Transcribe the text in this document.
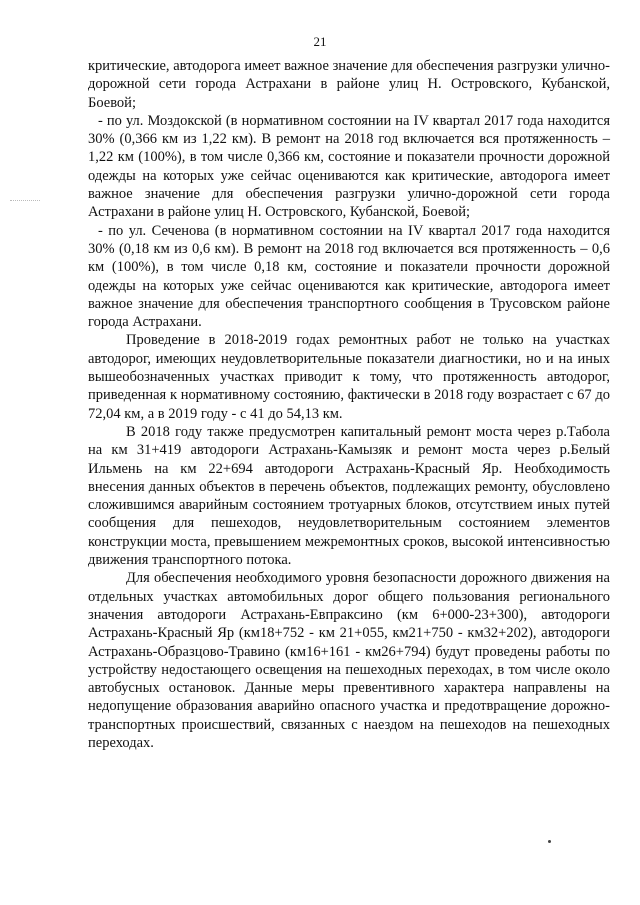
21

критические, автодорога имеет важное значение для обеспечения разгрузки улично-дорожной сети города Астрахани в районе улиц Н. Островского, Кубанской, Боевой;

- по ул. Моздокской (в нормативном состоянии на IV квартал 2017 года находится 30% (0,366 км из 1,22 км). В ремонт на 2018 год включается вся протяженность – 1,22 км (100%), в том числе 0,366 км, состояние и показатели прочности дорожной одежды на которых уже сейчас оцениваются как критические, автодорога имеет важное значение для обеспечения разгрузки улично-дорожной сети города Астрахани в районе улиц Н. Островского, Кубанской, Боевой;

- по ул. Сеченова (в нормативном состоянии на IV квартал 2017 года находится 30% (0,18 км из 0,6 км). В ремонт на 2018 год включается вся протяженность – 0,6 км (100%), в том числе 0,18 км, состояние и показатели прочности дорожной одежды на которых уже сейчас оцениваются как критические, автодорога имеет важное значение для обеспечения транспортного сообщения в Трусовском районе города Астрахани.

Проведение в 2018-2019 годах ремонтных работ не только на участках автодорог, имеющих неудовлетворительные показатели диагностики, но и на иных вышеобозначенных участках приводит к тому, что протяженность автодорог, приведенная к нормативному состоянию, фактически в 2018 году возрастает с 67 до 72,04 км, а в 2019 году - с 41 до 54,13 км.

В 2018 году также предусмотрен капитальный ремонт моста через р.Табола на км 31+419 автодороги Астрахань-Камызяк и ремонт моста через р.Белый Ильмень на км 22+694 автодороги Астрахань-Красный Яр. Необходимость внесения данных объектов в перечень объектов, подлежащих ремонту, обусловлено сложившимся аварийным состоянием тротуарных блоков, отсутствием иных путей сообщения для пешеходов, неудовлетворительным состоянием элементов конструкции моста, превышением межремонтных сроков, высокой интенсивностью движения транспортного потока.

Для обеспечения необходимого уровня безопасности дорожного движения на отдельных участках автомобильных дорог общего пользования регионального значения автодороги Астрахань-Евпраксино (км 6+000-23+300), автодороги Астрахань-Красный Яр (км18+752 - км 21+055, км21+750 - км32+202), автодороги Астрахань-Образцово-Травино (км16+161 - км26+794) будут проведены работы по устройству недостающего освещения на пешеходных переходах, в том числе около автобусных остановок. Данные меры превентивного характера направлены на недопущение образования аварийно опасного участка и предотвращение дорожно-транспортных происшествий, связанных с наездом на пешеходов на пешеходных переходах.
